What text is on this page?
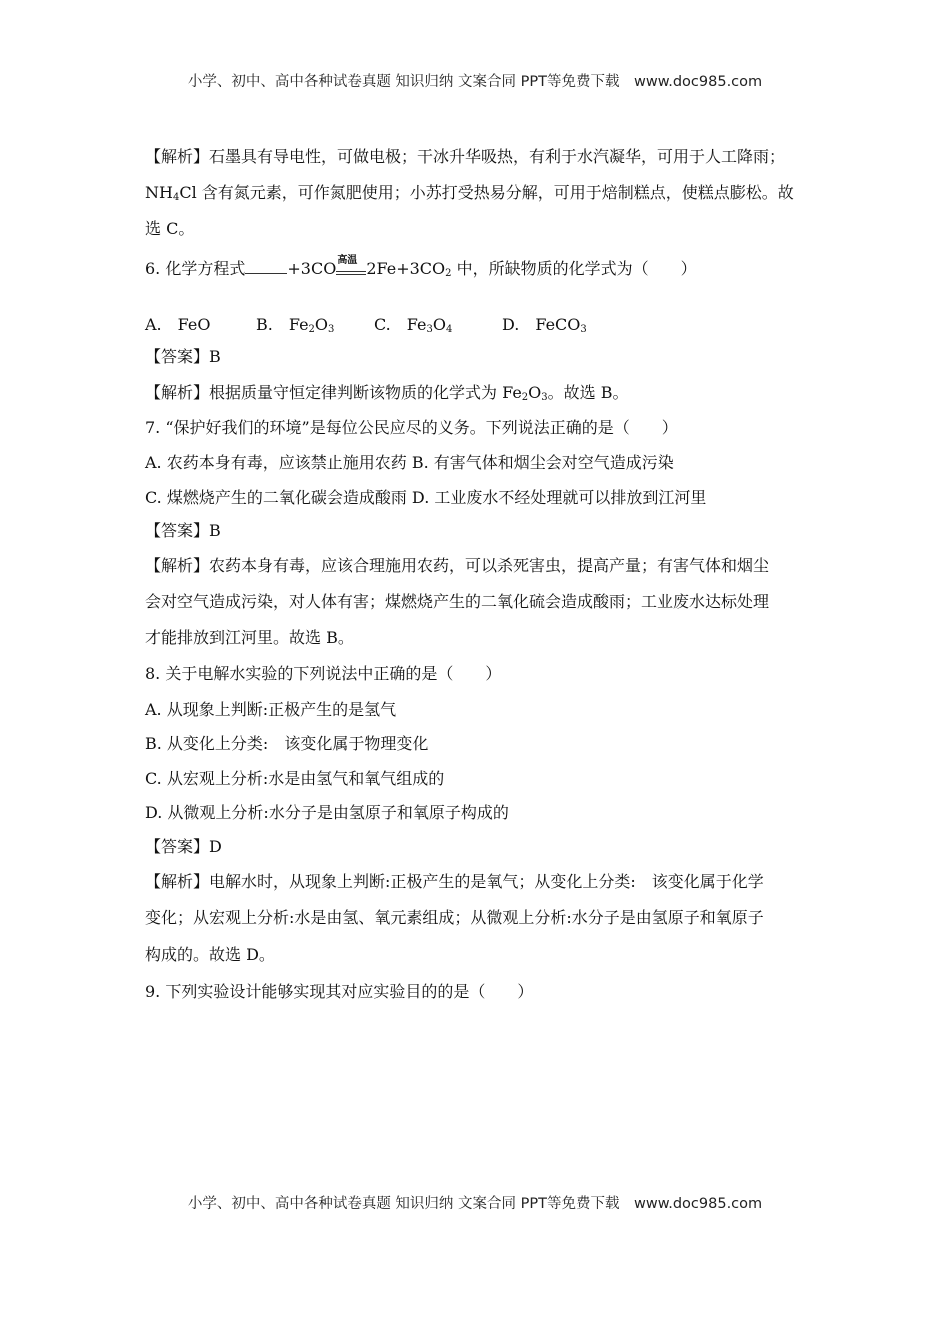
小学、初中、高中各种试卷真题 知识归纳 文案合同 PPT等免费下载　www.doc985.com
【解析】石墨具有导电性，可做电极；干冰升华吸热，有利于水汽凝华，可用于人工降雨；
$NH_4Cl$ 含有氮元素，可作氮肥使用；小苏打受热易分解，可用于焙制糕点，使糕点膨松。故
选 C。
6. 化学方程式	+3CO 高温 $2Fe+3CO_2$ 中，所缺物质的化学式为（　　）
A.　FeO	B.　$Fe_2O_3$ C.　$Fe_3O_4$	D.　FeCO$_3$
【答案】B
【解析】根据质量守恒定律判断该物质的化学式为 $Fe_2O_3$。故选 B。
7. “保护好我们的环境”是每位公民应尽的义务。下列说法正确的是（　　）
A. 农药本身有毒，应该禁止施用农药 B. 有害气体和烟尘会对空气造成污染
C. 煤燃烧产生的二氧化碳会造成酸雨 D. 工业废水不经处理就可以排放到江河里
【答案】B
【解析】农药本身有毒，应该合理施用农药，可以杀死害虫，提高产量；有害气体和烟尘
会对空气造成污染，对人体有害；煤燃烧产生的二氧化硫会造成酸雨；工业废水达标处理
才能排放到江河里。故选 B。
8. 关于电解水实验的下列说法中正确的是（　　）
A. 从现象上判断:正极产生的是氢气
B. 从变化上分类:　该变化属于物理变化
C. 从宏观上分析:水是由氢气和氧气组成的
D. 从微观上分析:水分子是由氢原子和氧原子构成的
【答案】D
【解析】电解水时，从现象上判断:正极产生的是氧气；从变化上分类:　该变化属于化学
变化；从宏观上分析:水是由氢、氧元素组成；从微观上分析:水分子是由氢原子和氧原子
构成的。故选 D。
9. 下列实验设计能够实现其对应实验目的的是（　　）
小学、初中、高中各种试卷真题 知识归纳 文案合同 PPT等免费下载　www.doc985.com
